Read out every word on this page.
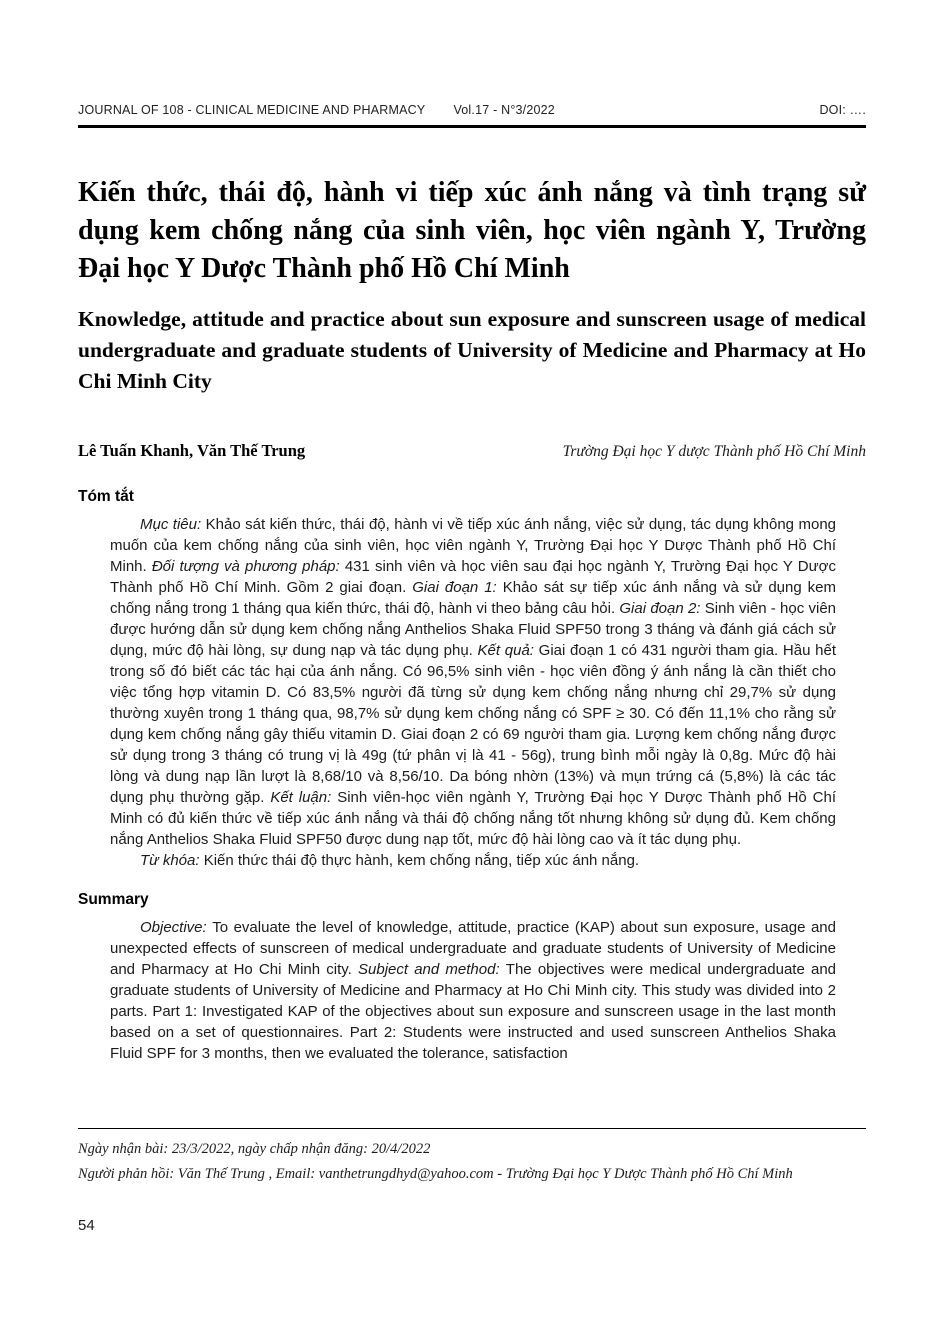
JOURNAL OF 108 - CLINICAL MEDICINE AND PHARMACY Vol.17 - N°3/2022	DOI: ….
Kiến thức, thái độ, hành vi tiếp xúc ánh nắng và tình trạng sử dụng kem chống nắng của sinh viên, học viên ngành Y, Trường Đại học Y Dược Thành phố Hồ Chí Minh
Knowledge, attitude and practice about sun exposure and sunscreen usage of medical undergraduate and graduate students of University of Medicine and Pharmacy at Ho Chi Minh City
Lê Tuấn Khanh, Văn Thế Trung	Trường Đại học Y dược Thành phố Hồ Chí Minh
Tóm tắt

Mục tiêu: Khảo sát kiến thức, thái độ, hành vi về tiếp xúc ánh nắng, việc sử dụng, tác dụng không mong muốn của kem chống nắng của sinh viên, học viên ngành Y, Trường Đại học Y Dược Thành phố Hồ Chí Minh. Đối tượng và phương pháp: 431 sinh viên và học viên sau đại học ngành Y, Trường Đại học Y Dược Thành phố Hồ Chí Minh. Gồm 2 giai đoạn. Giai đoạn 1: Khảo sát sự tiếp xúc ánh nắng và sử dụng kem chống nắng trong 1 tháng qua kiến thức, thái độ, hành vi theo bảng câu hỏi. Giai đoạn 2: Sinh viên - học viên được hướng dẫn sử dụng kem chống nắng Anthelios Shaka Fluid SPF50 trong 3 tháng và đánh giá cách sử dụng, mức độ hài lòng, sự dung nạp và tác dụng phụ. Kết quả: Giai đoạn 1 có 431 người tham gia. Hầu hết trong số đó biết các tác hại của ánh nắng. Có 96,5% sinh viên - học viên đồng ý ánh nắng là cần thiết cho việc tổng hợp vitamin D. Có 83,5% người đã từng sử dụng kem chống nắng nhưng chỉ 29,7% sử dụng thường xuyên trong 1 tháng qua, 98,7% sử dụng kem chống nắng có SPF ≥ 30. Có đến 11,1% cho rằng sử dụng kem chống nắng gây thiếu vitamin D. Giai đoạn 2 có 69 người tham gia. Lượng kem chống nắng được sử dụng trong 3 tháng có trung vị là 49g (tứ phân vị là 41 - 56g), trung bình mỗi ngày là 0,8g. Mức độ hài lòng và dung nạp lần lượt là 8,68/10 và 8,56/10. Da bóng nhờn (13%) và mụn trứng cá (5,8%) là các tác dụng phụ thường gặp. Kết luận: Sinh viên-học viên ngành Y, Trường Đại học Y Dược Thành phố Hồ Chí Minh có đủ kiến thức về tiếp xúc ánh nắng và thái độ chống nắng tốt nhưng không sử dụng đủ. Kem chống nắng Anthelios Shaka Fluid SPF50 được dung nạp tốt, mức độ hài lòng cao và ít tác dụng phụ.

Từ khóa: Kiến thức thái độ thực hành, kem chống nắng, tiếp xúc ánh nắng.

Summary

Objective: To evaluate the level of knowledge, attitude, practice (KAP) about sun exposure, usage and unexpected effects of sunscreen of medical undergraduate and graduate students of University of Medicine and Pharmacy at Ho Chi Minh city. Subject and method: The objectives were medical undergraduate and graduate students of University of Medicine and Pharmacy at Ho Chi Minh city. This study was divided into 2 parts. Part 1: Investigated KAP of the objectives about sun exposure and sunscreen usage in the last month based on a set of questionnaires. Part 2: Students were instructed and used sunscreen Anthelios Shaka Fluid SPF for 3 months, then we evaluated the tolerance, satisfaction

Ngày nhận bài: 23/3/2022, ngày chấp nhận đăng: 20/4/2022
Người phản hồi: Văn Thế Trung , Email: vanthetrungdhyd@yahoo.com - Trường Đại học Y Dược Thành phố Hồ Chí Minh
54
